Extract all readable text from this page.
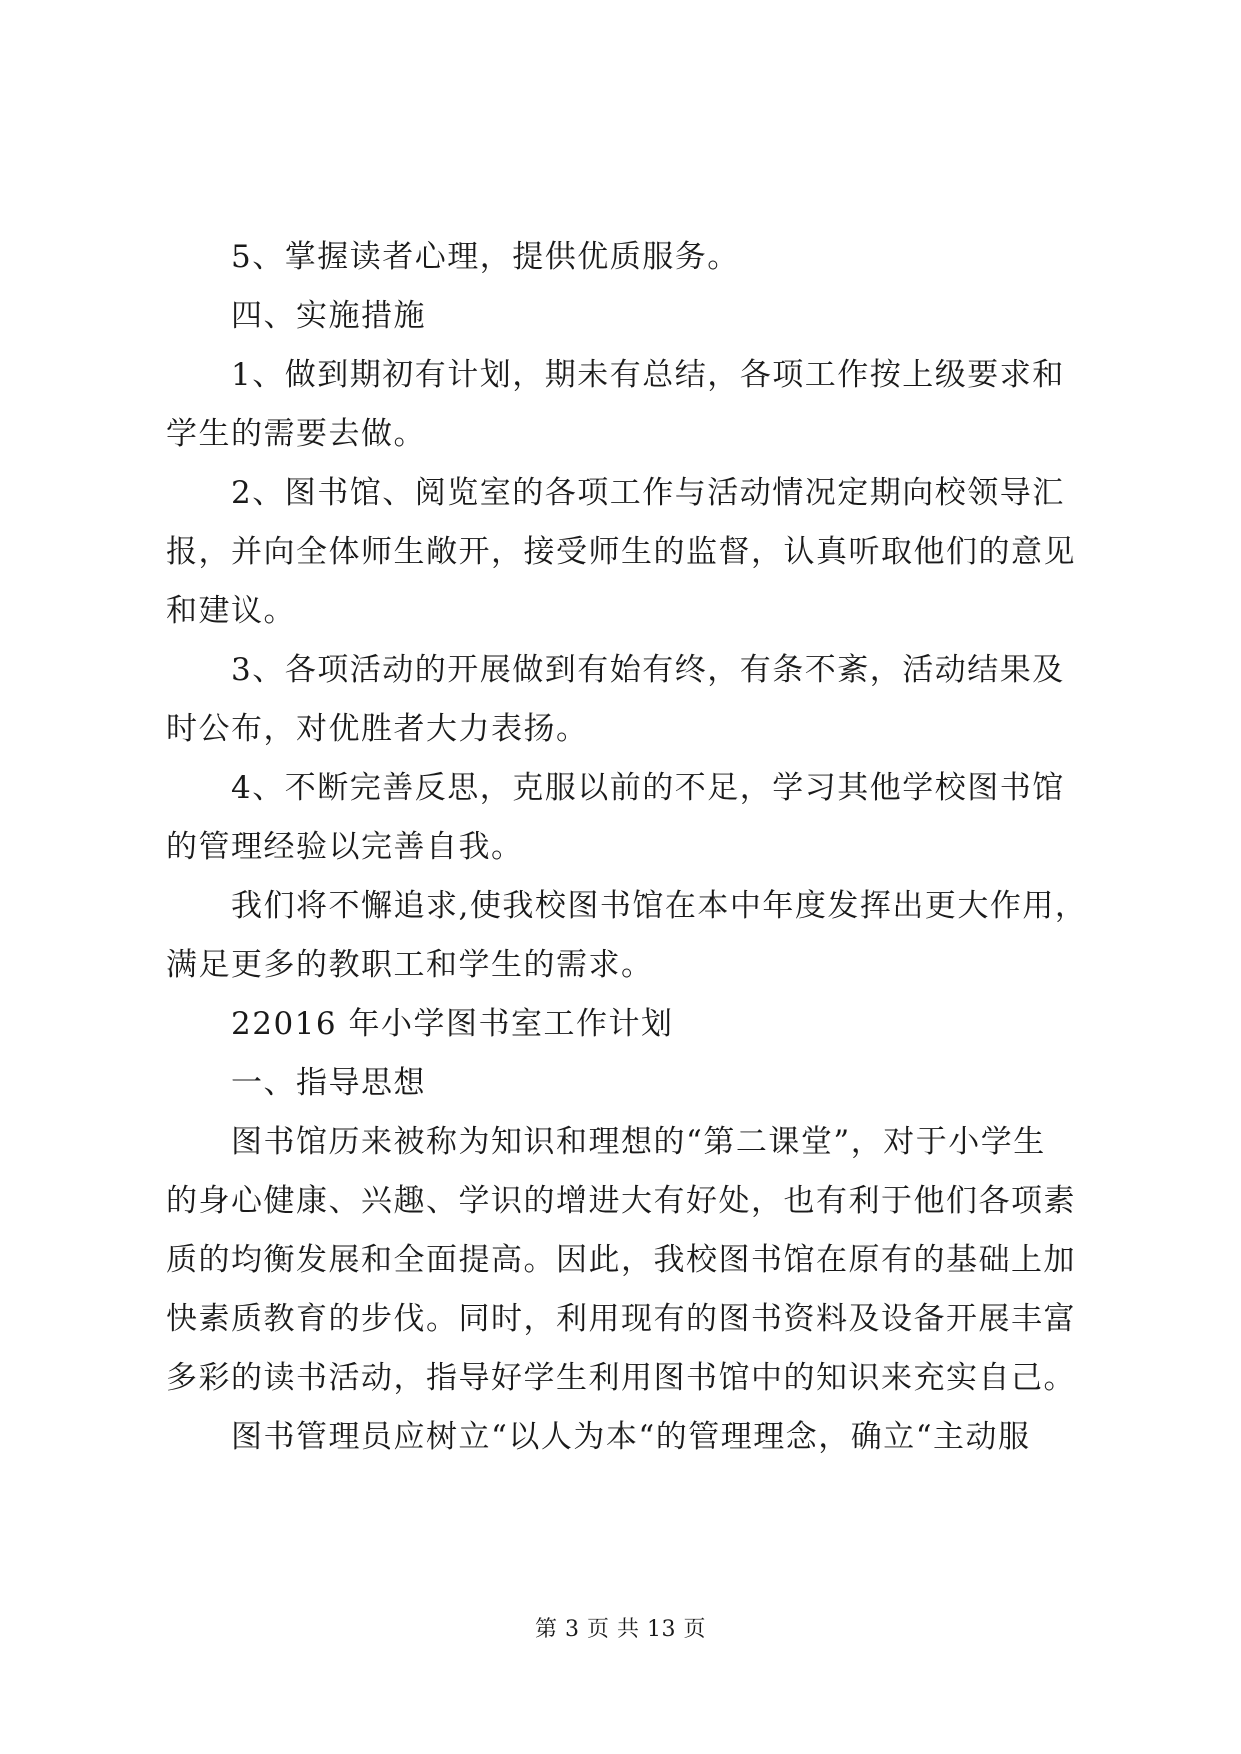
5、掌握读者心理，提供优质服务。
四、实施措施
1、做到期初有计划，期未有总结，各项工作按上级要求和
学生的需要去做。
2、图书馆、阅览室的各项工作与活动情况定期向校领导汇
报，并向全体师生敞开，接受师生的监督，认真听取他们的意见
和建议。
3、各项活动的开展做到有始有终，有条不紊，活动结果及
时公布，对优胜者大力表扬。
4、不断完善反思，克服以前的不足，学习其他学校图书馆
的管理经验以完善自我。
我们将不懈追求,使我校图书馆在本中年度发挥出更大作用，
满足更多的教职工和学生的需求。
22016 年小学图书室工作计划
一、指导思想
图书馆历来被称为知识和理想的“第二课堂”，对于小学生
的身心健康、兴趣、学识的增进大有好处，也有利于他们各项素
质的均衡发展和全面提高。因此，我校图书馆在原有的基础上加
快素质教育的步伐。同时，利用现有的图书资料及设备开展丰富
多彩的读书活动，指导好学生利用图书馆中的知识来充实自己。
图书管理员应树立“以人为本“的管理理念，确立“主动服
第 3 页 共 13 页
